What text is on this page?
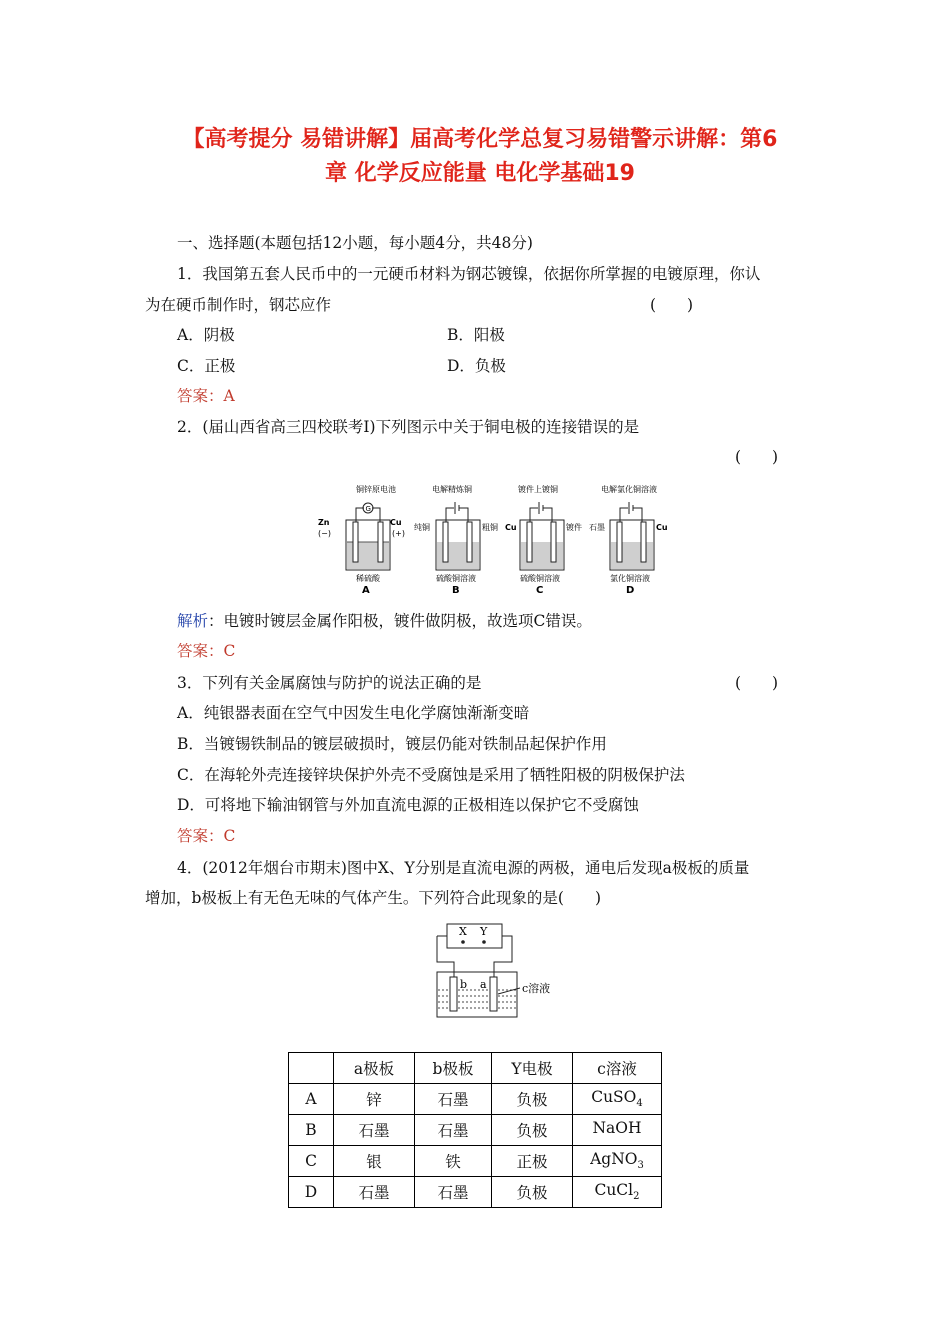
【高考提分 易错讲解】届高考化学总复习易错警示讲解：第6
章 化学反应能量 电化学基础19
一、选择题(本题包括12小题，每小题4分，共48分)
1．我国第五套人民币中的一元硬币材料为钢芯镀镍，依据你所掌握的电镀原理，你认
为在硬币制作时，钢芯应作	(　　)
A．阴极	B．阳极
C．正极	D．负极
答案：A
2．(届山西省高三四校联考Ⅰ)下列图示中关于铜电极的连接错误的是
(　　)
铜锌原电池
G
Zn
(−)
Cu
(+)
稀硫酸
A
电解精炼铜
纯铜	粗铜
硫酸铜溶液
B
镀件上镀铜
Cu	镀件
硫酸铜溶液
C
电解氯化铜溶液
石墨	Cu
氯化铜溶液
D
解析：电镀时镀层金属作阳极，镀件做阴极，故选项C错误。
答案：C
3．下列有关金属腐蚀与防护的说法正确的是	(　　)
A．纯银器表面在空气中因发生电化学腐蚀渐渐变暗
B．当镀锡铁制品的镀层破损时，镀层仍能对铁制品起保护作用
C．在海轮外壳连接锌块保护外壳不受腐蚀是采用了牺牲阳极的阴极保护法
D．可将地下输油钢管与外加直流电源的正极相连以保护它不受腐蚀
答案：C
4．(2012年烟台市期末)图中X、Y分别是直流电源的两极，通电后发现a极板的质量
增加，b极板上有无色无味的气体产生。下列符合此现象的是(　　)
X Y
b a	c溶液
	a极板	b极板	Y电极	c溶液
A	锌	石墨	负极	CuSO$_4$
B	石墨	石墨	负极	NaOH
C	银	铁	正极	AgNO$_3$
D	石墨	石墨	负极	CuCl$_2$
